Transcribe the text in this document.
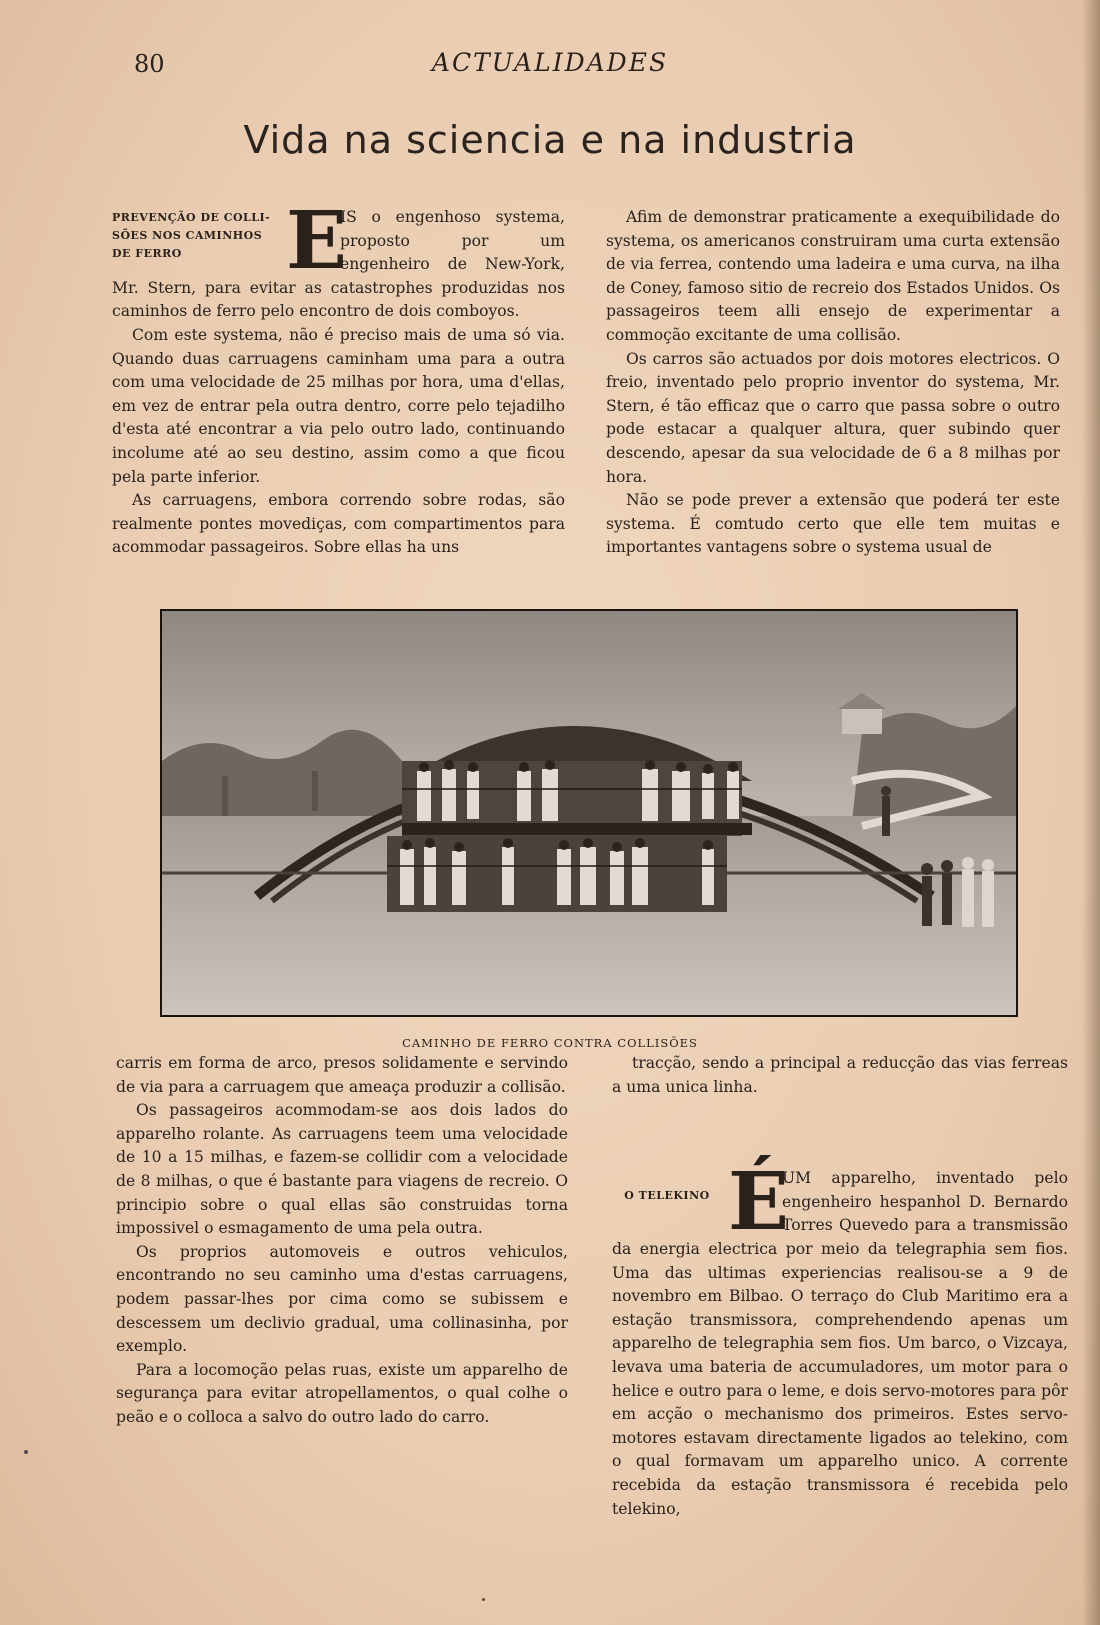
80	ACTUALIDADES
Vida na sciencia e na industria
PREVENÇÃO DE COLLI-SÕES NOS CAMINHOS DE FERRO	E

IS o engenhoso systema, proposto por um engenheiro de New-York, Mr. Stern, para evitar as catastrophes produzidas nos caminhos de ferro pelo encontro de dois comboyos.

Com este systema, não é preciso mais de uma só via. Quando duas carruagens caminham uma para a outra com uma velocidade de 25 milhas por hora, uma d'ellas, em vez de entrar pela outra dentro, corre pelo tejadilho d'esta até encontrar a via pelo outro lado, continuando incolume até ao seu destino, assim como a que ficou pela parte inferior.

As carruagens, embora correndo sobre rodas, são realmente pontes movediças, com compartimentos para acommodar passageiros. Sobre ellas ha uns

Afim de demonstrar praticamente a exequibilidade do systema, os americanos construiram uma curta extensão de via ferrea, contendo uma ladeira e uma curva, na ilha de Coney, famoso sitio de recreio dos Estados Unidos. Os passageiros teem alli ensejo de experimentar a commoção excitante de uma collisão.

Os carros são actuados por dois motores electricos. O freio, inventado pelo proprio inventor do systema, Mr. Stern, é tão efficaz que o carro que passa sobre o outro pode estacar a qualquer altura, quer subindo quer descendo, apesar da sua velocidade de 6 a 8 milhas por hora.

Não se pode prever a extensão que poderá ter este systema. É comtudo certo que elle tem muitas e importantes vantagens sobre o systema usual de

CAMINHO DE FERRO CONTRA COLLISÕES

carris em forma de arco, presos solidamente e servindo de via para a carruagem que ameaça produzir a collisão.

Os passageiros acommodam-se aos dois lados do apparelho rolante. As carruagens teem uma velocidade de 10 a 15 milhas, e fazem-se collidir com a velocidade de 8 milhas, o que é bastante para viagens de recreio. O principio sobre o qual ellas são construidas torna impossivel o esmagamento de uma pela outra.

Os proprios automoveis e outros vehiculos, encontrando no seu caminho uma d'estas carruagens, podem passar-lhes por cima como se subissem e descessem um declivio gradual, uma collinasinha, por exemplo.

Para a locomoção pelas ruas, existe um apparelho de segurança para evitar atropellamentos, o qual colhe o peão e o colloca a salvo do outro lado do carro.

tracção, sendo a principal a reducção das vias ferreas a uma unica linha.

O TELEKINO É

UM apparelho, inventado pelo engenheiro hespanhol D. Bernardo Torres Quevedo para a transmissão da energia electrica por meio da telegraphia sem fios. Uma das ultimas experiencias realisou-se a 9 de novembro em Bilbao. O terraço do Club Maritimo era a estação transmissora, comprehendendo apenas um apparelho de telegraphia sem fios. Um barco, o Vizcaya, levava uma bateria de accumuladores, um motor para o helice e outro para o leme, e dois servo-motores para pôr em acção o mechanismo dos primeiros. Estes servo-motores estavam directamente ligados ao telekino, com o qual formavam um apparelho unico. A corrente recebida da estação transmissora é recebida pelo telekino,
